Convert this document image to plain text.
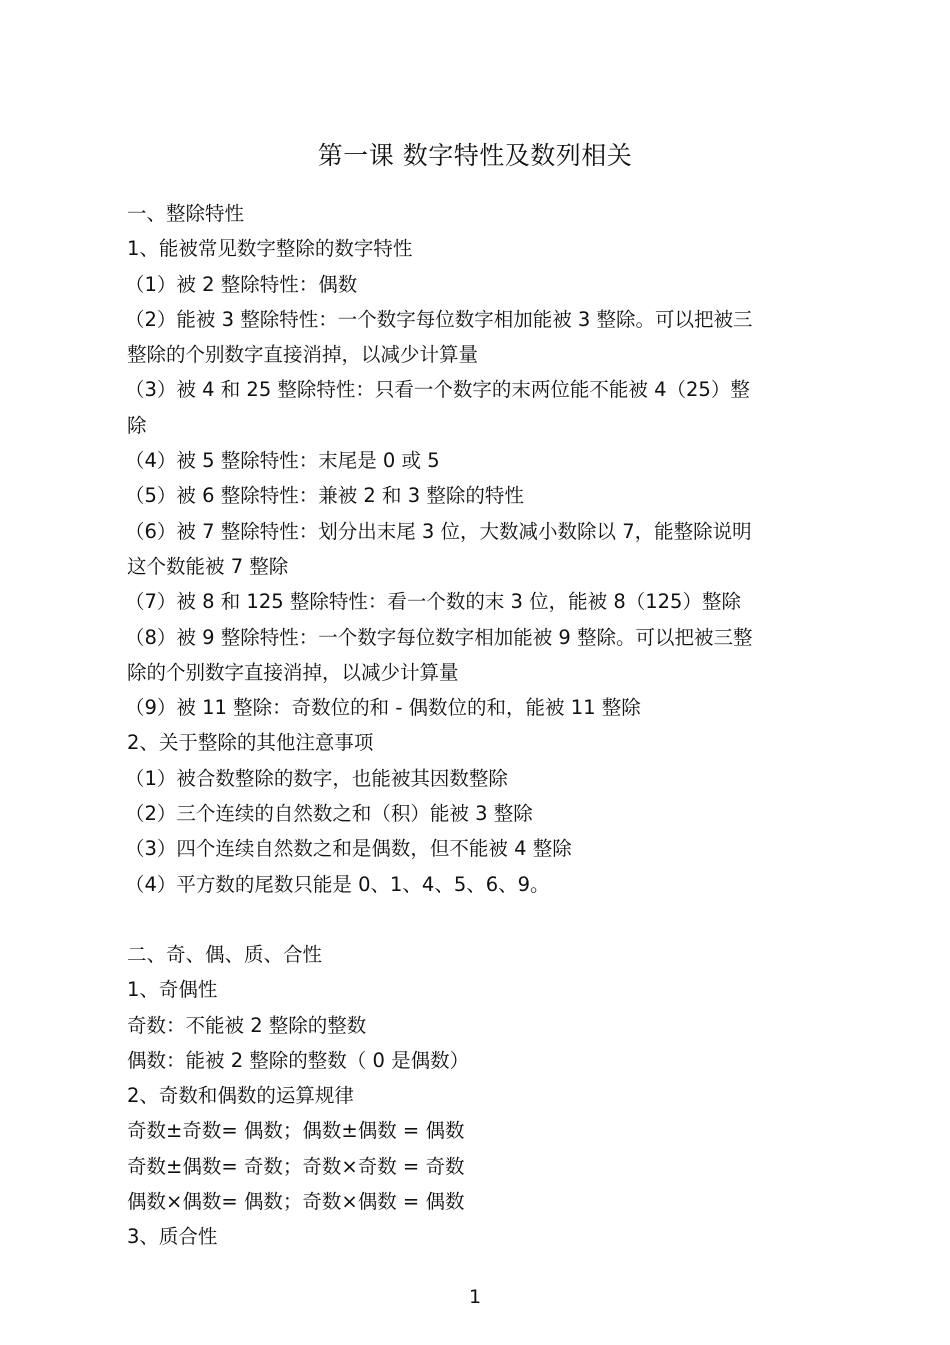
第一课 数字特性及数列相关
一、整除特性
1、能被常见数字整除的数字特性
（1）被 2 整除特性：偶数
（2）能被 3 整除特性：一个数字每位数字相加能被 3 整除。可以把被三
整除的个别数字直接消掉，以减少计算量
（3）被 4 和 25 整除特性：只看一个数字的末两位能不能被 4（25）整
除
（4）被 5 整除特性：末尾是 0 或 5
（5）被 6 整除特性：兼被 2 和 3 整除的特性
（6）被 7 整除特性：划分出末尾 3 位，大数减小数除以 7，能整除说明
这个数能被 7 整除
（7）被 8 和 125 整除特性：看一个数的末 3 位，能被 8（125）整除
（8）被 9 整除特性：一个数字每位数字相加能被 9 整除。可以把被三整
除的个别数字直接消掉，以减少计算量
（9）被 11 整除：奇数位的和 - 偶数位的和，能被 11 整除
2、关于整除的其他注意事项
（1）被合数整除的数字，也能被其因数整除
（2）三个连续的自然数之和（积）能被 3 整除
（3）四个连续自然数之和是偶数，但不能被 4 整除
（4）平方数的尾数只能是 0、1、4、5、6、9。
二、奇、偶、质、合性
1、奇偶性
奇数：不能被 2 整除的整数
偶数：能被 2 整除的整数（ 0 是偶数）
2、奇数和偶数的运算规律
奇数±奇数= 偶数；偶数±偶数 = 偶数
奇数±偶数= 奇数；奇数×奇数 = 奇数
偶数×偶数= 偶数；奇数×偶数 = 偶数
3、质合性
1
